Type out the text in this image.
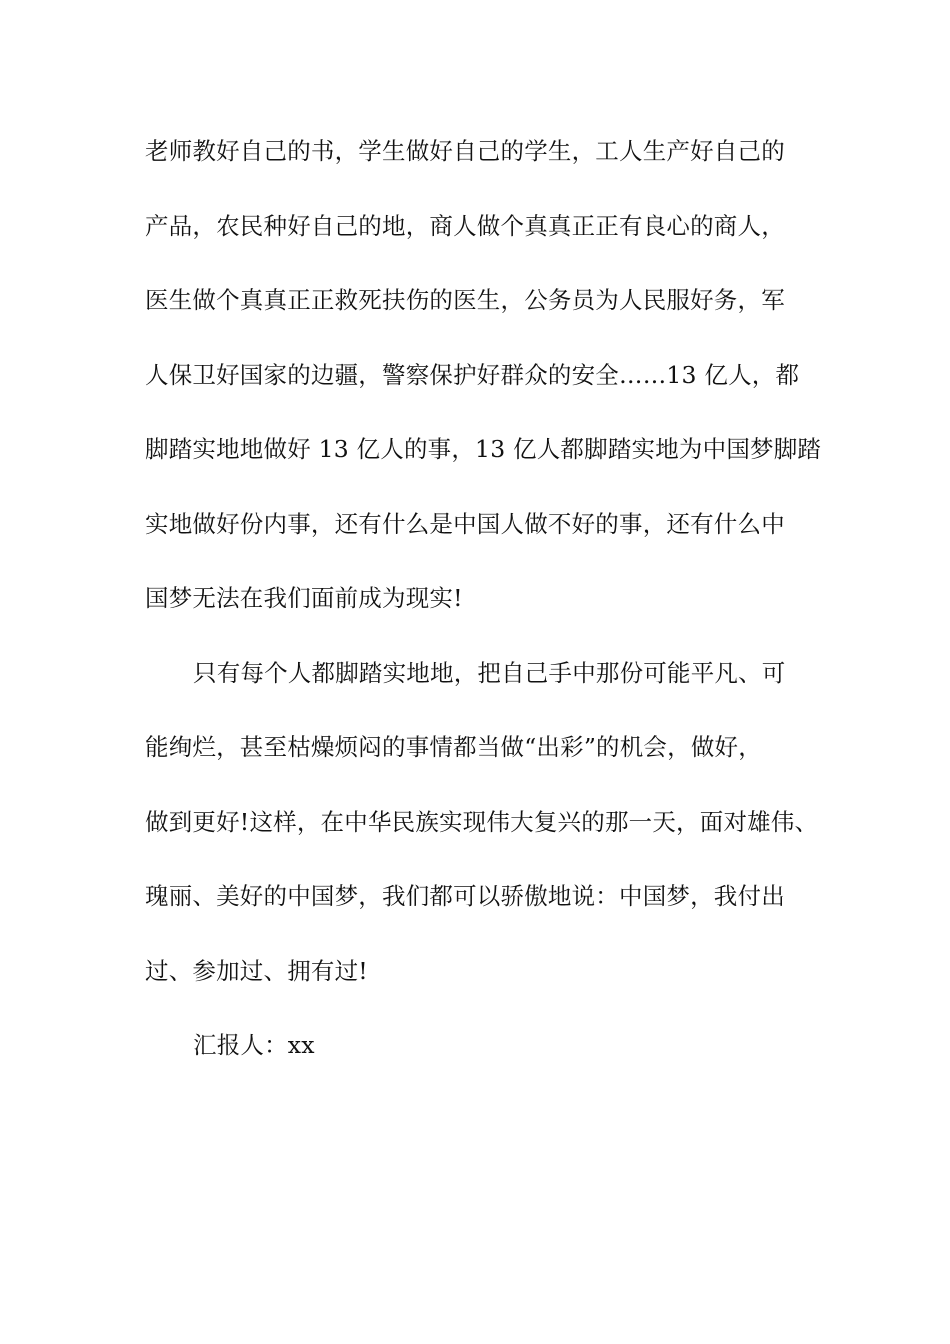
老师教好自己的书，学生做好自己的学生，工人生产好自己的
产品，农民种好自己的地，商人做个真真正正有良心的商人，
医生做个真真正正救死扶伤的医生，公务员为人民服好务，军
人保卫好国家的边疆，警察保护好群众的安全……13 亿人，都
脚踏实地地做好 13 亿人的事，13 亿人都脚踏实地为中国梦脚踏
实地做好份内事，还有什么是中国人做不好的事，还有什么中
国梦无法在我们面前成为现实!
只有每个人都脚踏实地地，把自己手中那份可能平凡、可
能绚烂，甚至枯燥烦闷的事情都当做“出彩”的机会，做好，
做到更好!这样，在中华民族实现伟大复兴的那一天，面对雄伟、
瑰丽、美好的中国梦，我们都可以骄傲地说：中国梦，我付出
过、参加过、拥有过!
汇报人：xx
